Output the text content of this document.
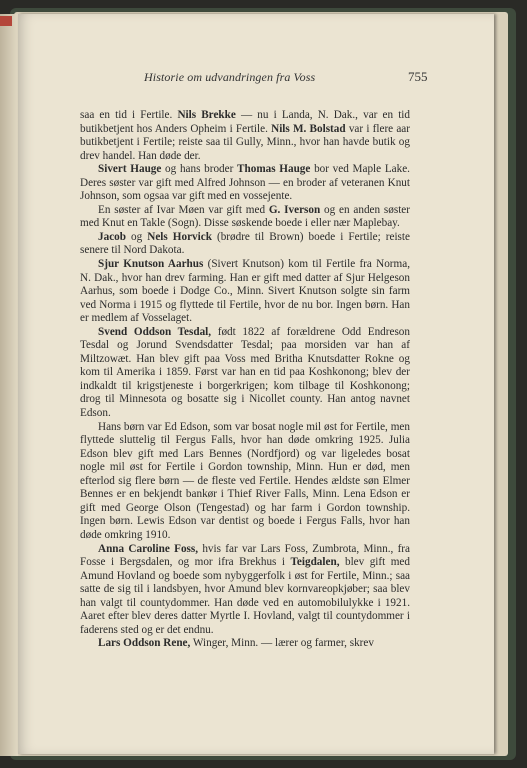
Historie om udvandringen fra Voss	755

saa en tid i Fertile. Nils Brekke — nu i Landa, N. Dak., var en tid butikbetjent hos Anders Opheim i Fertile. Nils M. Bolstad var i flere aar butikbetjent i Fertile; reiste saa til Gully, Minn., hvor han havde butik og drev handel. Han døde der.

Sivert Hauge og hans broder Thomas Hauge bor ved Maple Lake. Deres søster var gift med Alfred Johnson — en broder af veteranen Knut Johnson, som ogsaa var gift med en vossejente.

En søster af Ivar Møen var gift med G. Iverson og en anden søster med Knut en Takle (Sogn). Disse søskende boede i eller nær Maplebay.

Jacob og Nels Horvick (brødre til Brown) boede i Fertile; reiste senere til Nord Dakota.

Sjur Knutson Aarhus (Sivert Knutson) kom til Fertile fra Norma, N. Dak., hvor han drev farming. Han er gift med datter af Sjur Helgeson Aarhus, som boede i Dodge Co., Minn. Sivert Knutson solgte sin farm ved Norma i 1915 og flyttede til Fertile, hvor de nu bor. Ingen børn. Han er medlem af Vosselaget.

Svend Oddson Tesdal, født 1822 af forældrene Odd Endreson Tesdal og Jorund Svendsdatter Tesdal; paa morsiden var han af Miltzowæt. Han blev gift paa Voss med Britha Knutsdatter Rokne og kom til Amerika i 1859. Først var han en tid paa Koshkonong; blev der indkaldt til krigstjeneste i borgerkrigen; kom tilbage til Koshkonong; drog til Minnesota og bosatte sig i Nicollet county. Han antog navnet Edson.

Hans børn var Ed Edson, som var bosat nogle mil øst for Fertile, men flyttede sluttelig til Fergus Falls, hvor han døde omkring 1925. Julia Edson blev gift med Lars Bennes (Nordfjord) og var ligeledes bosat nogle mil øst for Fertile i Gordon township, Minn. Hun er død, men efterlod sig flere børn — de fleste ved Fertile. Hendes ældste søn Elmer Bennes er en bekjendt bankør i Thief River Falls, Minn. Lena Edson er gift med George Olson (Tengestad) og har farm i Gordon township. Ingen børn. Lewis Edson var dentist og boede i Fergus Falls, hvor han døde omkring 1910.

Anna Caroline Foss, hvis far var Lars Foss, Zumbrota, Minn., fra Fosse i Bergsdalen, og mor ifra Brekhus i Teigdalen, blev gift med Amund Hovland og boede som nybyggerfolk i øst for Fertile, Minn.; saa satte de sig til i landsbyen, hvor Amund blev kornvareopkjøber; saa blev han valgt til countydommer. Han døde ved en automobilulykke i 1921. Aaret efter blev deres datter Myrtle I. Hovland, valgt til countydommer i faderens sted og er det endnu.

Lars Oddson Rene, Winger, Minn. — lærer og farmer, skrev
